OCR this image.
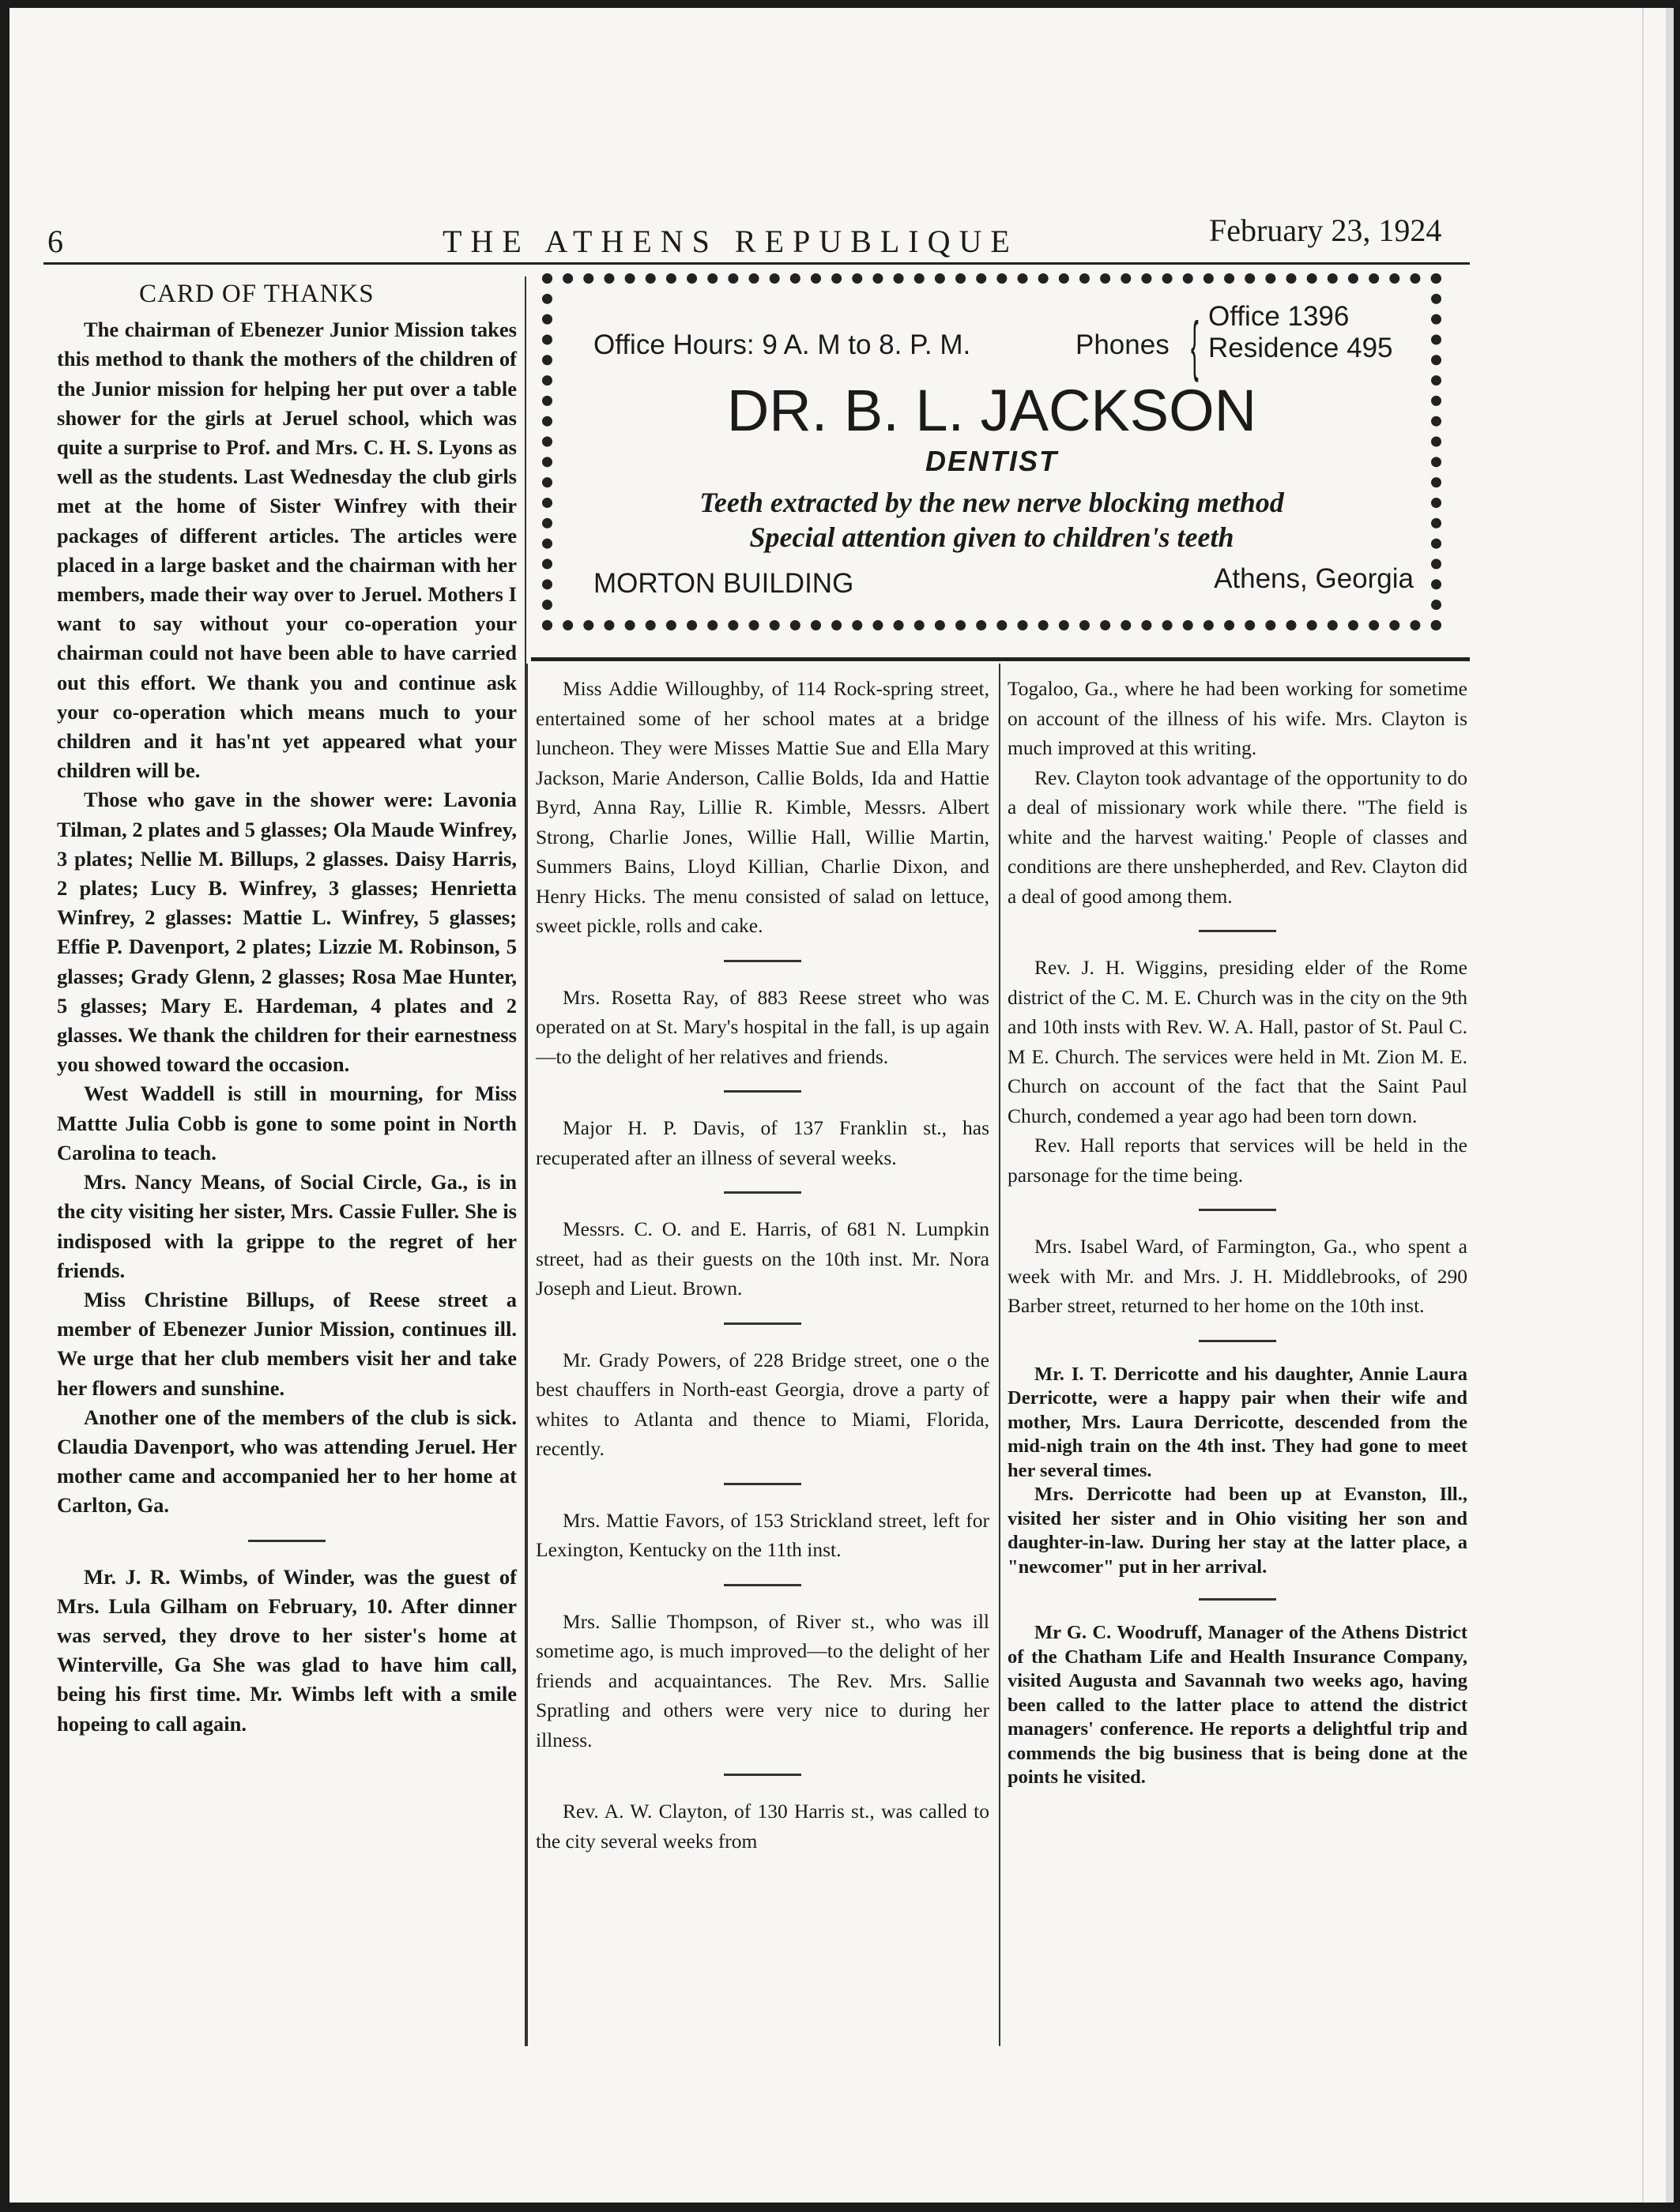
6	THE ATHENS REPUBLIQUE	February 23, 1924
Office Hours: 9 A. M to 8. P. M.	Phones { Office 1396
Residence 495
DR. B. L. JACKSON
DENTIST
Teeth extracted by the new nerve blocking method
Special attention given to children's teeth
MORTON BUILDING	Athens, Georgia
CARD OF THANKS

The chairman of Ebenezer Junior Mission takes this method to thank the mothers of the children of the Junior mission for helping her put over a table shower for the girls at Jeruel school, which was quite a surprise to Prof. and Mrs. C. H. S. Lyons as well as the students. Last Wednesday the club girls met at the home of Sister Winfrey with their packages of different articles. The articles were placed in a large basket and the chairman with her members, made their way over to Jeruel. Mothers I want to say without your co-operation your chairman could not have been able to have carried out this effort. We thank you and continue ask your co-operation which means much to your children and it has'nt yet appeared what your children will be.

Those who gave in the shower were: Lavonia Tilman, 2 plates and 5 glasses; Ola Maude Winfrey, 3 plates; Nellie M. Billups, 2 glasses. Daisy Harris, 2 plates; Lucy B. Winfrey, 3 glasses; Henrietta Winfrey, 2 glasses: Mattie L. Winfrey, 5 glasses; Effie P. Davenport, 2 plates; Lizzie M. Robinson, 5 glasses; Grady Glenn, 2 glasses; Rosa Mae Hunter, 5 glasses; Mary E. Hardeman, 4 plates and 2 glasses. We thank the children for their earnestness you showed toward the occasion.

West Waddell is still in mourning, for Miss Mattte Julia Cobb is gone to some point in North Carolina to teach.

Mrs. Nancy Means, of Social Circle, Ga., is in the city visiting her sister, Mrs. Cassie Fuller. She is indisposed with la grippe to the regret of her friends.

Miss Christine Billups, of Reese street a member of Ebenezer Junior Mission, continues ill. We urge that her club members visit her and take her flowers and sunshine.

Another one of the members of the club is sick. Claudia Davenport, who was attending Jeruel. Her mother came and accompanied her to her home at Carlton, Ga.

Mr. J. R. Wimbs, of Winder, was the guest of Mrs. Lula Gilham on February, 10. After dinner was served, they drove to her sister's home at Winterville, Ga She was glad to have him call, being his first time. Mr. Wimbs left with a smile hopeing to call again.

Miss Addie Willoughby, of 114 Rock-spring street, entertained some of her school mates at a bridge luncheon. They were Misses Mattie Sue and Ella Mary Jackson, Marie Anderson, Callie Bolds, Ida and Hattie Byrd, Anna Ray, Lillie R. Kimble, Messrs. Albert Strong, Charlie Jones, Willie Hall, Willie Martin, Summers Bains, Lloyd Killian, Charlie Dixon, and Henry Hicks. The menu consisted of salad on lettuce, sweet pickle, rolls and cake.

Mrs. Rosetta Ray, of 883 Reese street who was operated on at St. Mary's hospital in the fall, is up again—to the delight of her relatives and friends.

Major H. P. Davis, of 137 Franklin st., has recuperated after an illness of several weeks.

Messrs. C. O. and E. Harris, of 681 N. Lumpkin street, had as their guests on the 10th inst. Mr. Nora Joseph and Lieut. Brown.

Mr. Grady Powers, of 228 Bridge street, one o the best chauffers in North-east Georgia, drove a party of whites to Atlanta and thence to Miami, Florida, recently.

Mrs. Mattie Favors, of 153 Strickland street, left for Lexington, Kentucky on the 11th inst.

Mrs. Sallie Thompson, of River st., who was ill sometime ago, is much improved—to the delight of her friends and acquaintances. The Rev. Mrs. Sallie Spratling and others were very nice to during her illness.

Rev. A. W. Clayton, of 130 Harris st., was called to the city several weeks from

Togaloo, Ga., where he had been working for sometime on account of the illness of his wife. Mrs. Clayton is much improved at this writing.

Rev. Clayton took advantage of the opportunity to do a deal of missionary work while there. "The field is white and the harvest waiting.' People of classes and conditions are there unshepherded, and Rev. Clayton did a deal of good among them.

Rev. J. H. Wiggins, presiding elder of the Rome district of the C. M. E. Church was in the city on the 9th and 10th insts with Rev. W. A. Hall, pastor of St. Paul C. M E. Church. The services were held in Mt. Zion M. E. Church on account of the fact that the Saint Paul Church, condemed a year ago had been torn down.

Rev. Hall reports that services will be held in the parsonage for the time being.

Mrs. Isabel Ward, of Farmington, Ga., who spent a week with Mr. and Mrs. J. H. Middlebrooks, of 290 Barber street, returned to her home on the 10th inst.

Mr. I. T. Derricotte and his daughter, Annie Laura Derricotte, were a happy pair when their wife and mother, Mrs. Laura Derricotte, descended from the mid-nigh train on the 4th inst. They had gone to meet her several times.

Mrs. Derricotte had been up at Evanston, Ill., visited her sister and in Ohio visiting her son and daughter-in-law. During her stay at the latter place, a "newcomer" put in her arrival.

Mr G. C. Woodruff, Manager of the Athens District of the Chatham Life and Health Insurance Company, visited Augusta and Savannah two weeks ago, having been called to the latter place to attend the district managers' conference. He reports a delightful trip and commends the big business that is being done at the points he visited.
